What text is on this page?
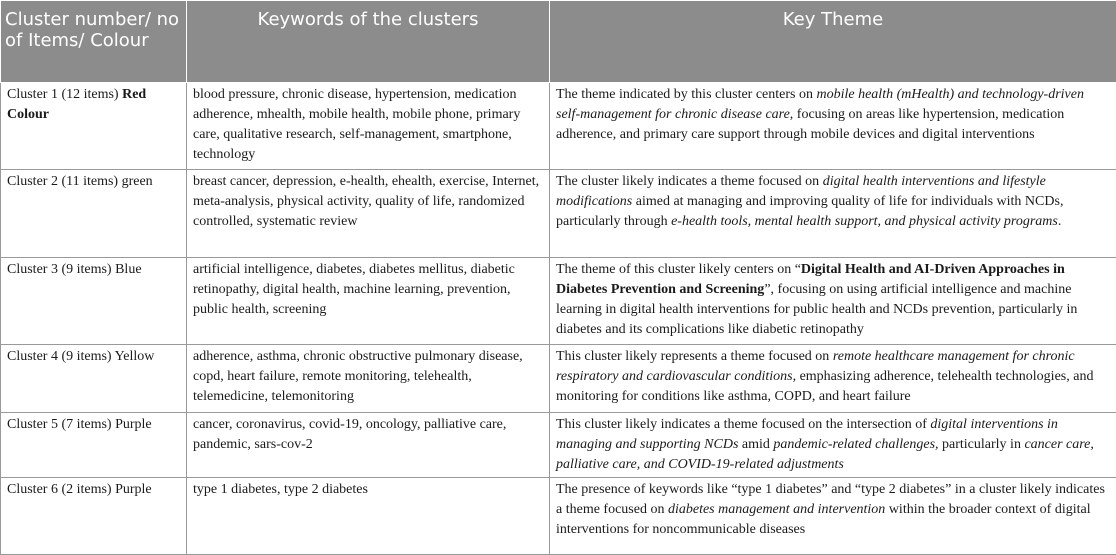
Cluster number/ no of Items/ Colour	Keywords of the clusters	Key Theme
Cluster 1 (12 items) Red Colour	blood pressure, chronic disease, hypertension, medication adherence, mhealth, mobile health, mobile phone, primary care, qualitative research, self-management, smartphone, technology	The theme indicated by this cluster centers on mobile health (mHealth) and technology-driven self-management for chronic disease care, focusing on areas like hypertension, medication adherence, and primary care support through mobile devices and digital interventions
Cluster 2 (11 items) green	breast cancer, depression, e-health, ehealth, exercise, Internet, meta-analysis, physical activity, quality of life, randomized controlled, systematic review	The cluster likely indicates a theme focused on digital health interventions and lifestyle modifications aimed at managing and improving quality of life for individuals with NCDs, particularly through e-health tools, mental health support, and physical activity programs.
Cluster 3 (9 items) Blue	artificial intelligence, diabetes, diabetes mellitus, diabetic retinopathy, digital health, machine learning, prevention, public health, screening	The theme of this cluster likely centers on “Digital Health and AI-Driven Approaches in Diabetes Prevention and Screening”, focusing on using artificial intelligence and machine learning in digital health interventions for public health and NCDs prevention, particularly in diabetes and its complications like diabetic retinopathy
Cluster 4 (9 items) Yellow	adherence, asthma, chronic obstructive pulmonary disease, copd, heart failure, remote monitoring, telehealth, telemedicine, telemonitoring	This cluster likely represents a theme focused on remote healthcare management for chronic respiratory and cardiovascular conditions, emphasizing adherence, telehealth technologies, and monitoring for conditions like asthma, COPD, and heart failure
Cluster 5 (7 items) Purple	cancer, coronavirus, covid-19, oncology, palliative care, pandemic, sars-cov-2	This cluster likely indicates a theme focused on the intersection of digital interventions in managing and supporting NCDs amid pandemic-related challenges, particularly in cancer care, palliative care, and COVID-19-related adjustments
Cluster 6 (2 items) Purple	type 1 diabetes, type 2 diabetes	The presence of keywords like “type 1 diabetes” and “type 2 diabetes” in a cluster likely indicates a theme focused on diabetes management and intervention within the broader context of digital interventions for noncommunicable diseases
